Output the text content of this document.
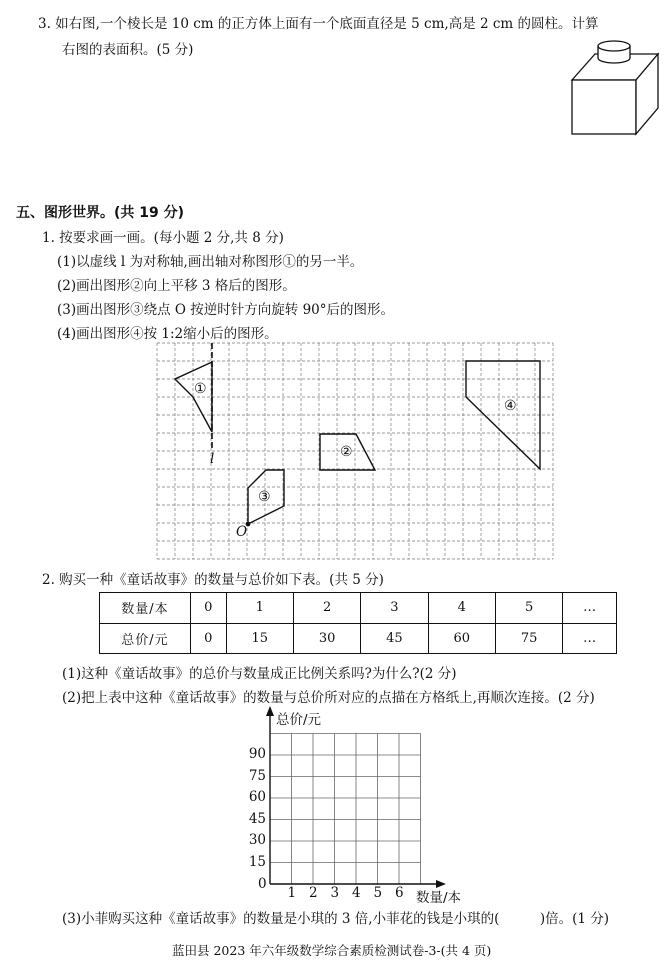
3. 如右图,一个棱长是 10 cm 的正方体上面有一个底面直径是 5 cm,高是 2 cm 的圆柱。计算
右图的表面积。(5 分)
五、图形世界。(共 19 分)
1. 按要求画一画。(每小题 2 分,共 8 分)
(1)以虚线 l 为对称轴,画出轴对称图形①的另一半。
(2)画出图形②向上平移 3 格后的图形。
(3)画出图形③绕点 O 按逆时针方向旋转 90°后的图形。
(4)画出图形④按 1:2缩小后的图形。
①
②
③
④
l
O
2. 购买一种《童话故事》的数量与总价如下表。(共 5 分)
数量/本	0	1	2	3	4	5	…
总价/元	0	15	30	45	60	75	…
(1)这种《童话故事》的总价与数量成正比例关系吗?为什么?(2 分)
(2)把上表中这种《童话故事》的数量与总价所对应的点描在方格纸上,再顺次连接。(2 分)
总价/元
数量/本
0
15
30
45
60
75
90
1 2 3 4 5 6
(3)小菲购买这种《童话故事》的数量是小琪的 3 倍,小菲花的钱是小琪的(　　　)倍。(1 分)
蓝田县 2023 年六年级数学综合素质检测试卷-3-(共 4 页)
